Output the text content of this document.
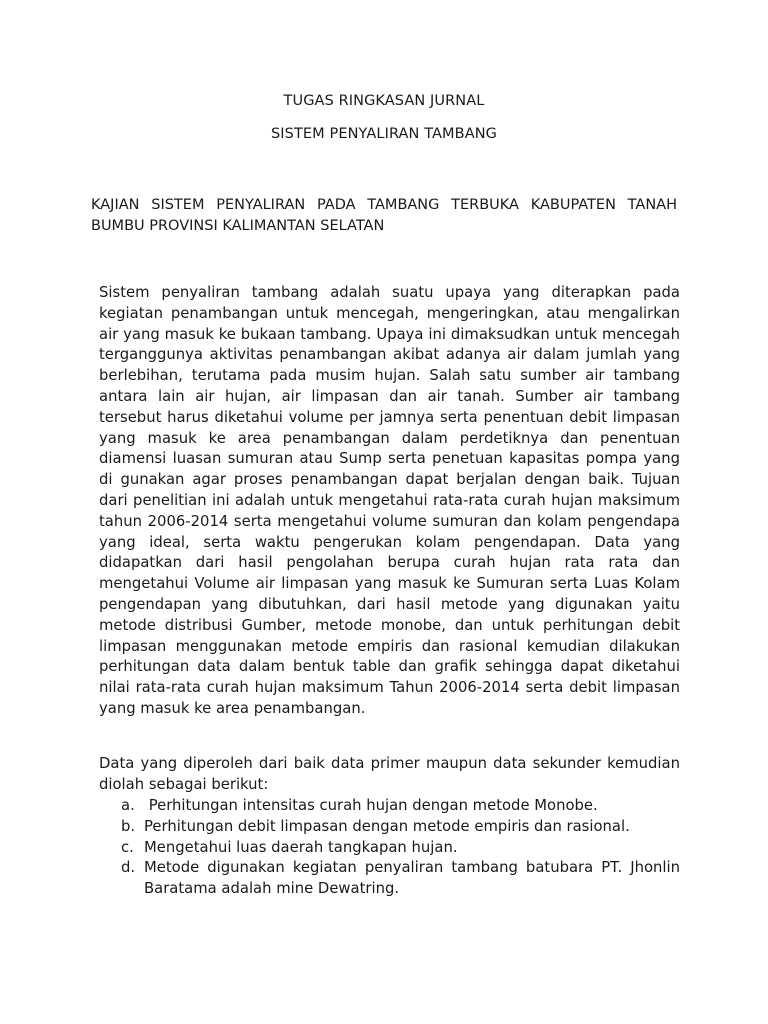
TUGAS RINGKASAN JURNAL
SISTEM PENYALIRAN TAMBANG

KAJIAN SISTEM PENYALIRAN PADA TAMBANG TERBUKA KABUPATEN TANAH BUMBU PROVINSI KALIMANTAN SELATAN

Sistem penyaliran tambang adalah suatu upaya yang diterapkan pada kegiatan penambangan untuk mencegah, mengeringkan, atau mengalirkan air yang masuk ke bukaan tambang. Upaya ini dimaksudkan untuk mencegah terganggunya aktivitas penambangan akibat adanya air dalam jumlah yang berlebihan, terutama pada musim hujan. Salah satu sumber air tambang antara lain air hujan, air limpasan dan air tanah. Sumber air tambang tersebut harus diketahui volume per jamnya serta penentuan debit limpasan yang masuk ke area penambangan dalam perdetiknya dan penentuan diamensi luasan sumuran atau Sump serta penetuan kapasitas pompa yang di gunakan agar proses penambangan dapat berjalan dengan baik. Tujuan dari penelitian ini adalah untuk mengetahui rata-rata curah hujan maksimum tahun 2006-2014 serta mengetahui volume sumuran dan kolam pengendapa yang ideal, serta waktu pengerukan kolam pengendapan. Data yang didapatkan dari hasil pengolahan berupa curah hujan rata rata dan mengetahui Volume air limpasan yang masuk ke Sumuran serta Luas Kolam pengendapan yang dibutuhkan, dari hasil metode yang digunakan yaitu metode distribusi Gumber, metode monobe, dan untuk perhitungan debit limpasan menggunakan metode empiris dan rasional kemudian dilakukan perhitungan data dalam bentuk table dan grafik sehingga dapat diketahui nilai rata-rata curah hujan maksimum Tahun 2006-2014 serta debit limpasan yang masuk ke area penambangan.

Data yang diperoleh dari baik data primer maupun data sekunder kemudian diolah sebagai berikut:

a. Perhitungan intensitas curah hujan dengan metode Monobe.
b. Perhitungan debit limpasan dengan metode empiris dan rasional.
c. Mengetahui luas daerah tangkapan hujan.
d. Metode digunakan kegiatan penyaliran tambang batubara PT. Jhonlin Baratama adalah mine Dewatring.
